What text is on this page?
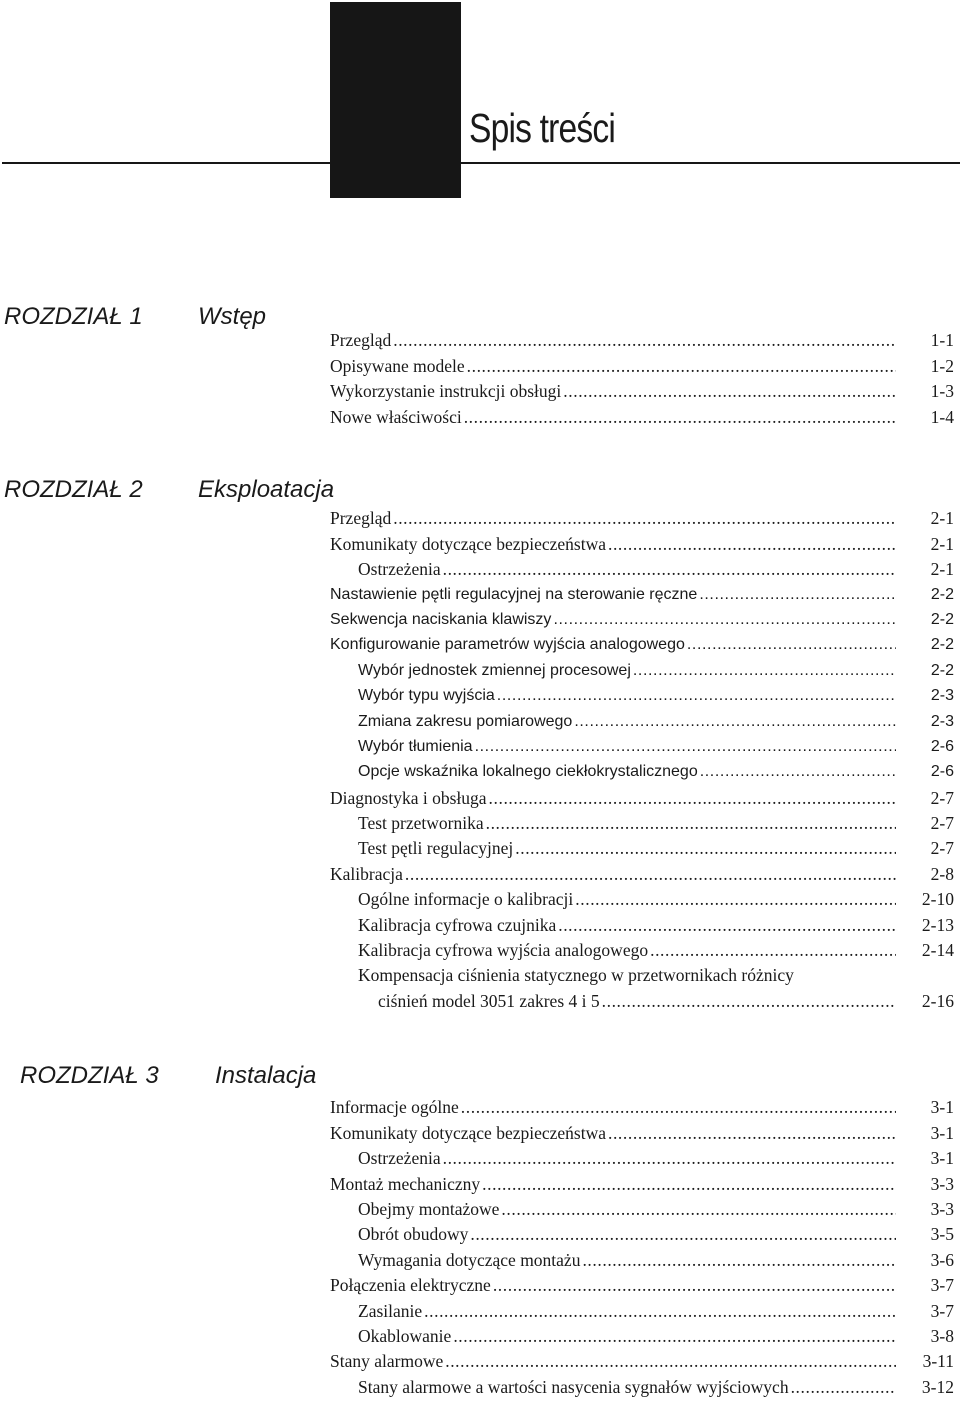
Spis treści
ROZDZIAŁ 1 Wstęp
Przegląd .....	1-1
Opisywane modele .....	1-2
Wykorzystanie instrukcji obsługi .....	1-3
Nowe właściwości .....	1-4
ROZDZIAŁ 2 Eksploatacja
Przegląd .....	2-1
Komunikaty dotyczące bezpieczeństwa .....	2-1
Ostrzeżenia .....	2-1
Nastawienie pętli regulacyjnej na sterowanie ręczne .....	2-2
Sekwencja naciskania klawiszy .....	2-2
Konfigurowanie parametrów wyjścia analogowego .....	2-2
Wybór jednostek zmiennej procesowej .....	2-2
Wybór typu wyjścia .....	2-3
Zmiana zakresu pomiarowego .....	2-3
Wybór tłumienia .....	2-6
Opcje wskaźnika lokalnego ciekłokrystalicznego .....	2-6
Diagnostyka i obsługa .....	2-7
Test przetwornika .....	2-7
Test pętli regulacyjnej .....	2-7
Kalibracja .....	2-8
Ogólne informacje o kalibracji .....	2-10
Kalibracja cyfrowa czujnika .....	2-13
Kalibracja cyfrowa wyjścia analogowego .....	2-14
Kompensacja ciśnienia statycznego w przetwornikach różnicy
ciśnień model 3051 zakres 4 i 5 .....	2-16
ROZDZIAŁ 3 Instalacja
Informacje ogólne .....	3-1
Komunikaty dotyczące bezpieczeństwa .....	3-1
Ostrzeżenia .....	3-1
Montaż mechaniczny .....	3-3
Obejmy montażowe .....	3-3
Obrót obudowy .....	3-5
Wymagania dotyczące montażu .....	3-6
Połączenia elektryczne .....	3-7
Zasilanie .....	3-7
Okablowanie .....	3-8
Stany alarmowe .....	3-11
Stany alarmowe a wartości nasycenia sygnałów wyjściowych .....	3-12
